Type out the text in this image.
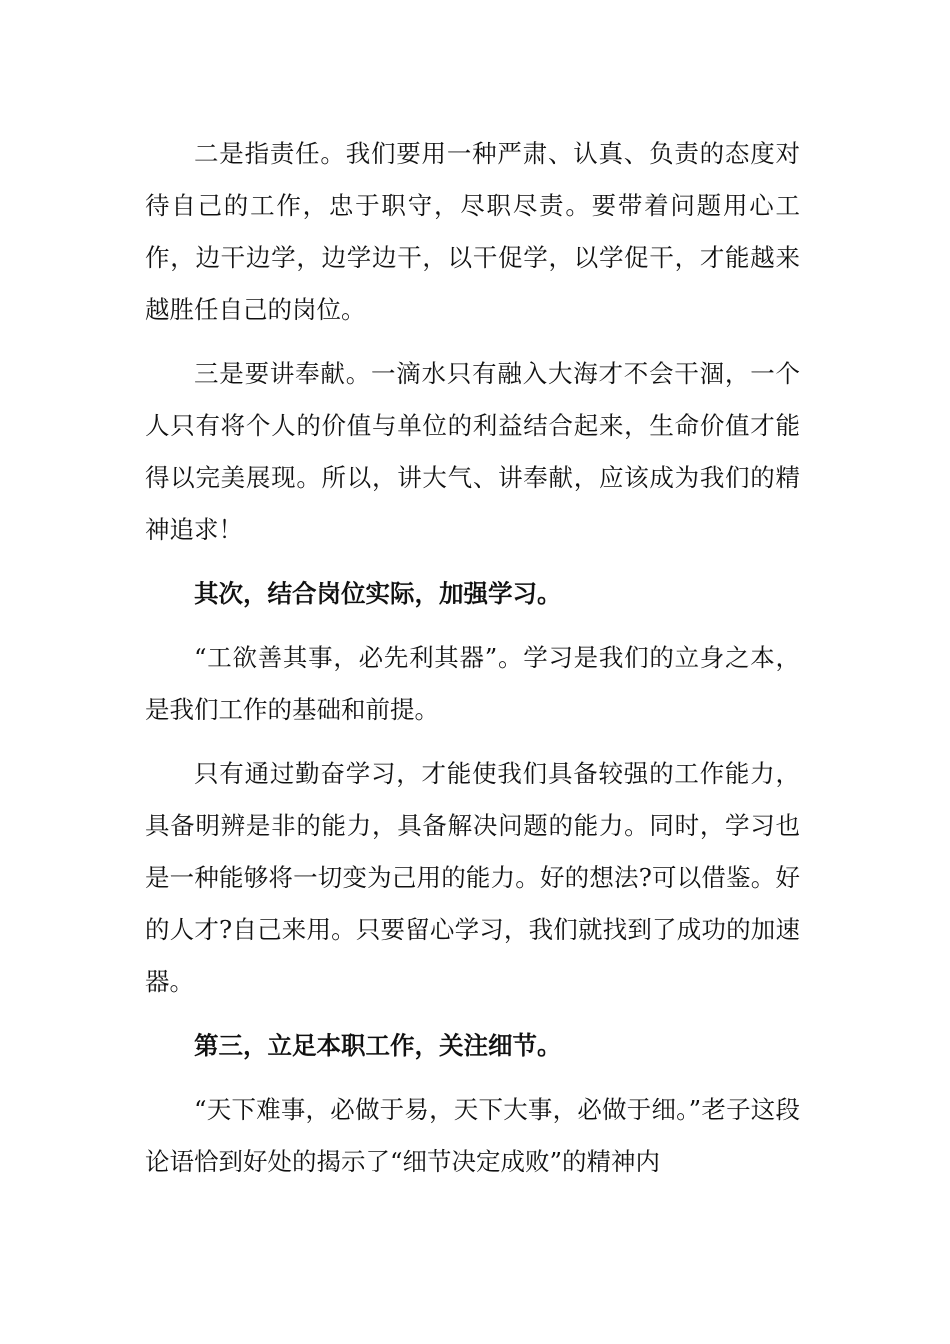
二是指责任。我们要用一种严肃、认真、负责的态度对待自己的工作，忠于职守，尽职尽责。要带着问题用心工作，边干边学，边学边干，以干促学，以学促干，才能越来越胜任自己的岗位。

三是要讲奉献。一滴水只有融入大海才不会干涸，一个人只有将个人的价值与单位的利益结合起来，生命价值才能得以完美展现。所以，讲大气、讲奉献，应该成为我们的精神追求！

其次，结合岗位实际，加强学习。

“工欲善其事，必先利其器”。学习是我们的立身之本，是我们工作的基础和前提。

只有通过勤奋学习，才能使我们具备较强的工作能力，具备明辨是非的能力，具备解决问题的能力。同时，学习也是一种能够将一切变为己用的能力。好的想法?可以借鉴。好的人才?自己来用。只要留心学习，我们就找到了成功的加速器。

第三，立足本职工作，关注细节。

“天下难事，必做于易，天下大事，必做于细。”老子这段论语恰到好处的揭示了“细节决定成败”的精神内
